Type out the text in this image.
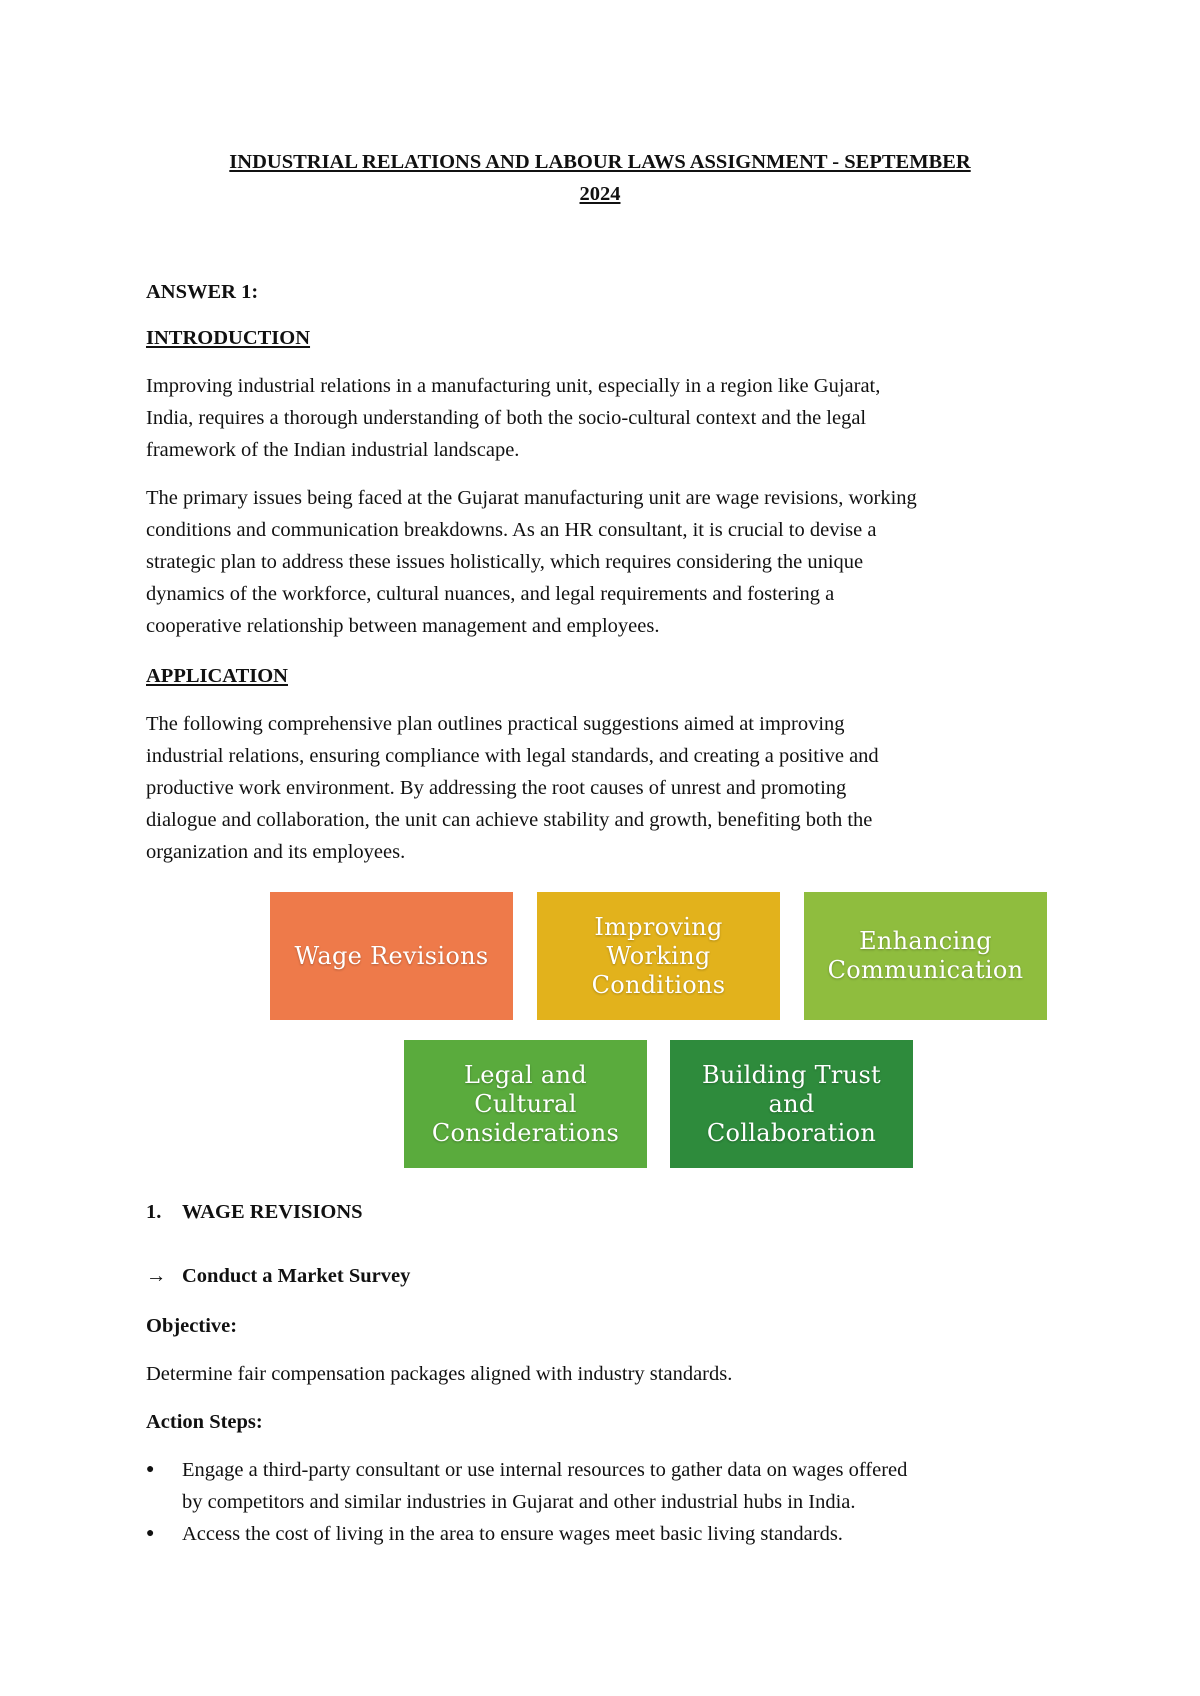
INDUSTRIAL RELATIONS AND LABOUR LAWS ASSIGNMENT - SEPTEMBER
2024
ANSWER 1:
INTRODUCTION
Improving industrial relations in a manufacturing unit, especially in a region like Gujarat,
India, requires a thorough understanding of both the socio-cultural context and the legal
framework of the Indian industrial landscape.
The primary issues being faced at the Gujarat manufacturing unit are wage revisions, working
conditions and communication breakdowns. As an HR consultant, it is crucial to devise a
strategic plan to address these issues holistically, which requires considering the unique
dynamics of the workforce, cultural nuances, and legal requirements and fostering a
cooperative relationship between management and employees.
APPLICATION
The following comprehensive plan outlines practical suggestions aimed at improving
industrial relations, ensuring compliance with legal standards, and creating a positive and
productive work environment. By addressing the root causes of unrest and promoting
dialogue and collaboration, the unit can achieve stability and growth, benefiting both the
organization and its employees.
Wage Revisions
Improving
Working
Conditions
Enhancing
Communication
Legal and
Cultural
Considerations
Building Trust
and
Collaboration
1. WAGE REVISIONS
→ Conduct a Market Survey
Objective:
Determine fair compensation packages aligned with industry standards.
Action Steps:
●	Engage a third-party consultant or use internal resources to gather data on wages offered
by competitors and similar industries in Gujarat and other industrial hubs in India.
●	Access the cost of living in the area to ensure wages meet basic living standards.
